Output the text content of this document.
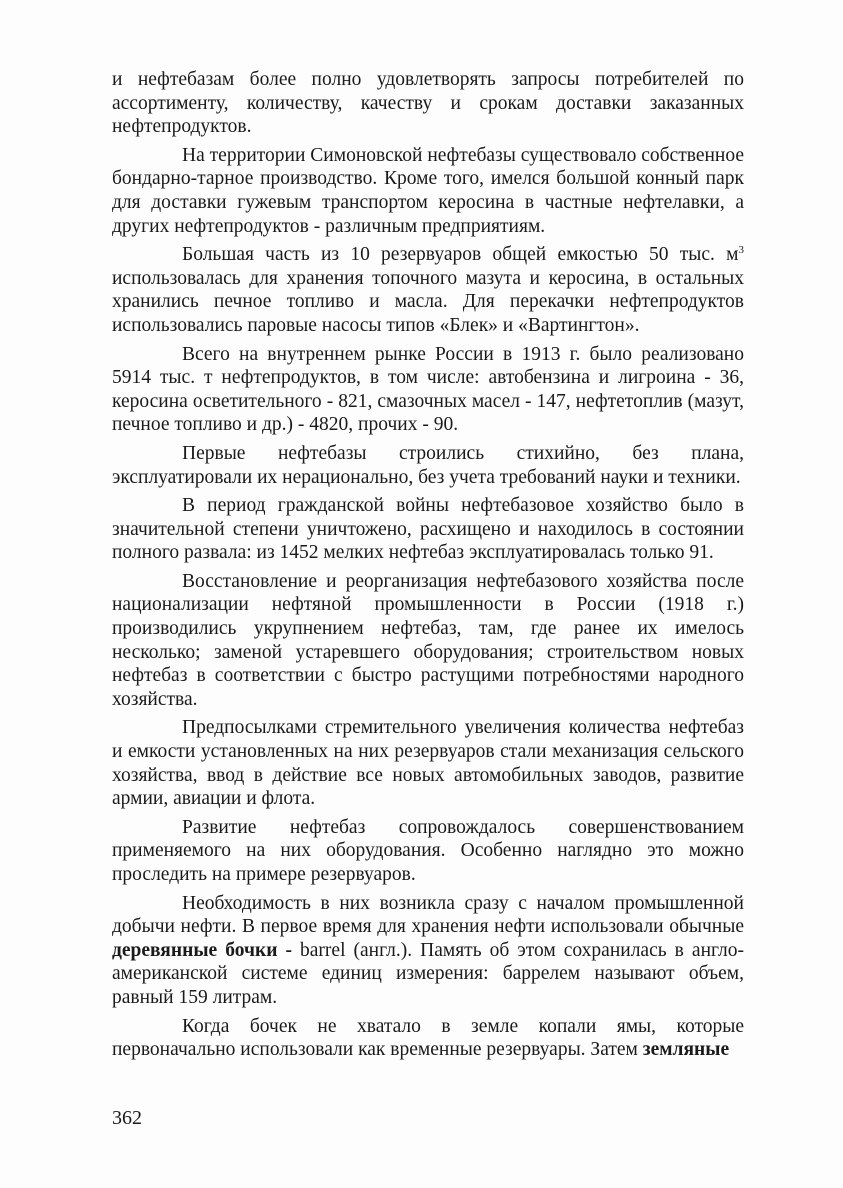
и нефтебазам более полно удовлетворять запросы потребителей по ассортименту, количеству, качеству и срокам доставки заказанных нефтепродуктов.

На территории Симоновской нефтебазы существовало собственное бондарно-тарное производство. Кроме того, имелся большой конный парк для доставки гужевым транспортом керосина в частные нефтелавки, а других нефтепродуктов - различным предприятиям.

Большая часть из 10 резервуаров общей емкостью 50 тыс. $м^3$ использовалась для хранения топочного мазута и керосина, в остальных хранились печное топливо и масла. Для перекачки нефтепродуктов использовались паровые насосы типов «Блек» и «Вартингтон».

Всего на внутреннем рынке России в 1913 г. было реализовано 5914 тыс. т нефтепродуктов, в том числе: автобензина и лигроина - 36, керосина осветительного - 821, смазочных масел - 147, нефтетоплив (мазут, печное топливо и др.) - 4820, прочих - 90.

Первые нефтебазы строились стихийно, без плана, эксплуатировали их нерационально, без учета требований науки и техники.

В период гражданской войны нефтебазовое хозяйство было в значительной степени уничтожено, расхищено и находилось в состоянии полного развала: из 1452 мелких нефтебаз эксплуатировалась только 91.

Восстановление и реорганизация нефтебазового хозяйства после национализации нефтяной промышленности в России (1918 г.) производились укрупнением нефтебаз, там, где ранее их имелось несколько; заменой устаревшего оборудования; строительством новых нефтебаз в соответствии с быстро растущими потребностями народного хозяйства.

Предпосылками стремительного увеличения количества нефтебаз и емкости установленных на них резервуаров стали механизация сельского хозяйства, ввод в действие все новых автомобильных заводов, развитие армии, авиации и флота.

Развитие нефтебаз сопровождалось совершенствованием применяемого на них оборудования. Особенно наглядно это можно проследить на примере резервуаров.

Необходимость в них возникла сразу с началом промышленной добычи нефти. В первое время для хранения нефти использовали обычные деревянные бочки - barrel (англ.). Память об этом сохранилась в англо-американской системе единиц измерения: баррелем называют объем, равный 159 литрам.

Когда бочек не хватало в земле копали ямы, которые первоначально использовали как временные резервуары. Затем земляные

362
